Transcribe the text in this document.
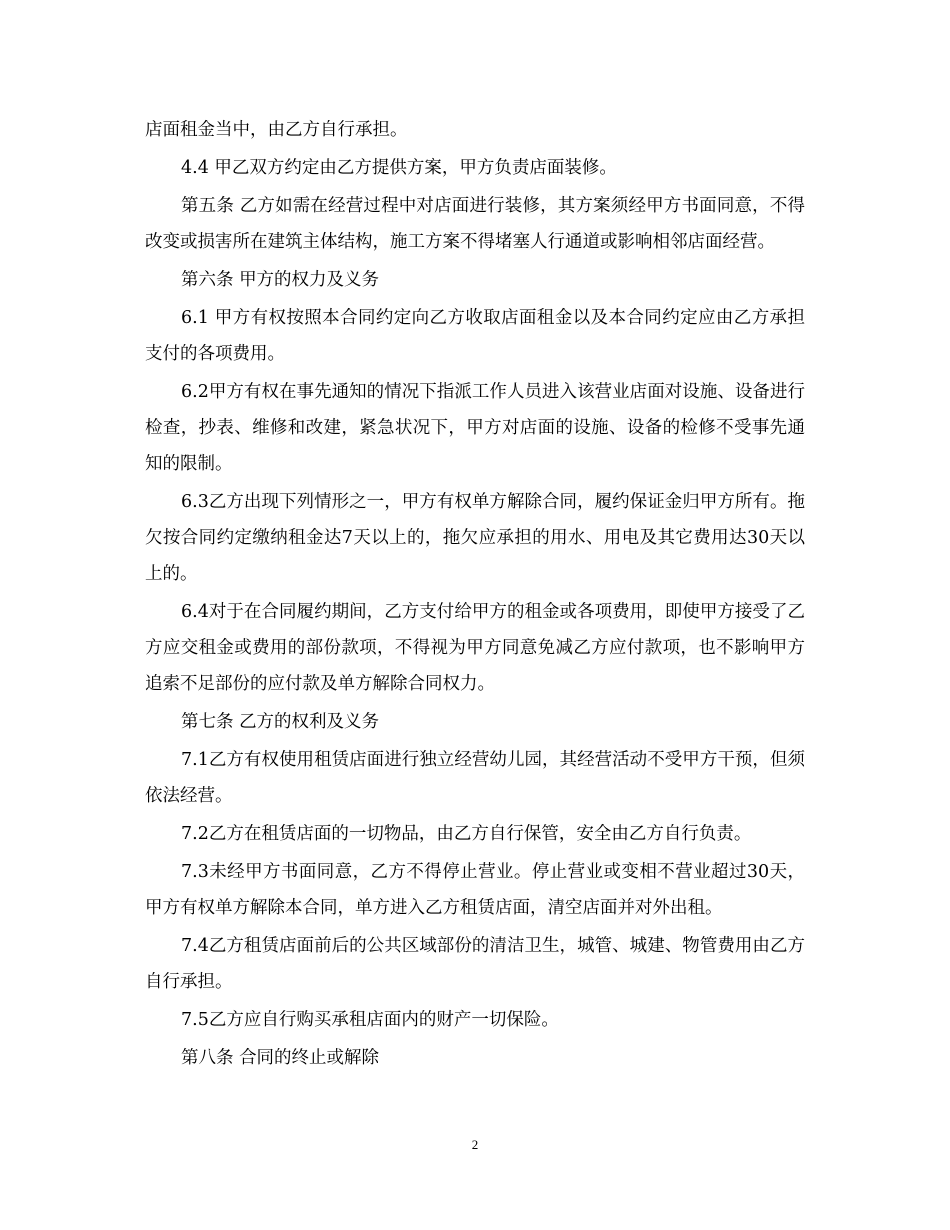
店面租金当中，由乙方自行承担。

4.4 甲乙双方约定由乙方提供方案，甲方负责店面装修。

第五条 乙方如需在经营过程中对店面进行装修，其方案须经甲方书面同意，不得改变或损害所在建筑主体结构，施工方案不得堵塞人行通道或影响相邻店面经营。

第六条 甲方的权力及义务

6.1 甲方有权按照本合同约定向乙方收取店面租金以及本合同约定应由乙方承担支付的各项费用。

6.2甲方有权在事先通知的情况下指派工作人员进入该营业店面对设施、设备进行检查，抄表、维修和改建，紧急状况下，甲方对店面的设施、设备的检修不受事先通知的限制。

6.3乙方出现下列情形之一，甲方有权单方解除合同，履约保证金归甲方所有。拖欠按合同约定缴纳租金达7天以上的，拖欠应承担的用水、用电及其它费用达30天以上的。

6.4对于在合同履约期间，乙方支付给甲方的租金或各项费用，即使甲方接受了乙方应交租金或费用的部份款项，不得视为甲方同意免减乙方应付款项，也不影响甲方追索不足部份的应付款及单方解除合同权力。

第七条 乙方的权利及义务

7.1乙方有权使用租赁店面进行独立经营幼儿园，其经营活动不受甲方干预，但须依法经营。

7.2乙方在租赁店面的一切物品，由乙方自行保管，安全由乙方自行负责。

7.3未经甲方书面同意，乙方不得停止营业。停止营业或变相不营业超过30天，甲方有权单方解除本合同，单方进入乙方租赁店面，清空店面并对外出租。

7.4乙方租赁店面前后的公共区域部份的清洁卫生，城管、城建、物管费用由乙方自行承担。

7.5乙方应自行购买承租店面内的财产一切保险。

第八条 合同的终止或解除

2
